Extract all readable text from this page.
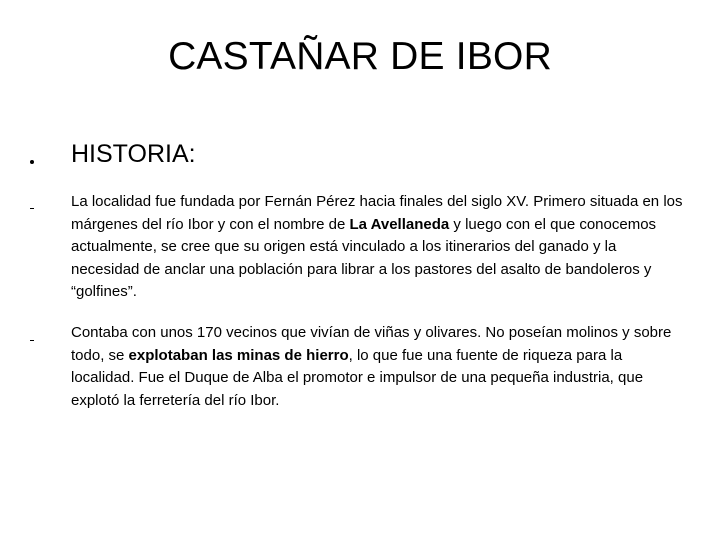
CASTAÑAR DE IBOR
HISTORIA:

La localidad fue fundada por Fernán Pérez hacia finales del siglo XV. Primero situada en los márgenes del río Ibor y con el nombre de La Avellaneda y luego con el que conocemos actualmente, se cree que su origen está vinculado a los itinerarios del ganado y la necesidad de anclar una población para librar a los pastores del asalto de bandoleros y “golfines”.

Contaba con unos 170 vecinos que vivían de viñas y olivares. No poseían molinos y sobre todo, se explotaban las minas de hierro, lo que fue una fuente de riqueza para la localidad. Fue el Duque de Alba el promotor e impulsor de una pequeña industria, que explotó la ferretería del río Ibor.
